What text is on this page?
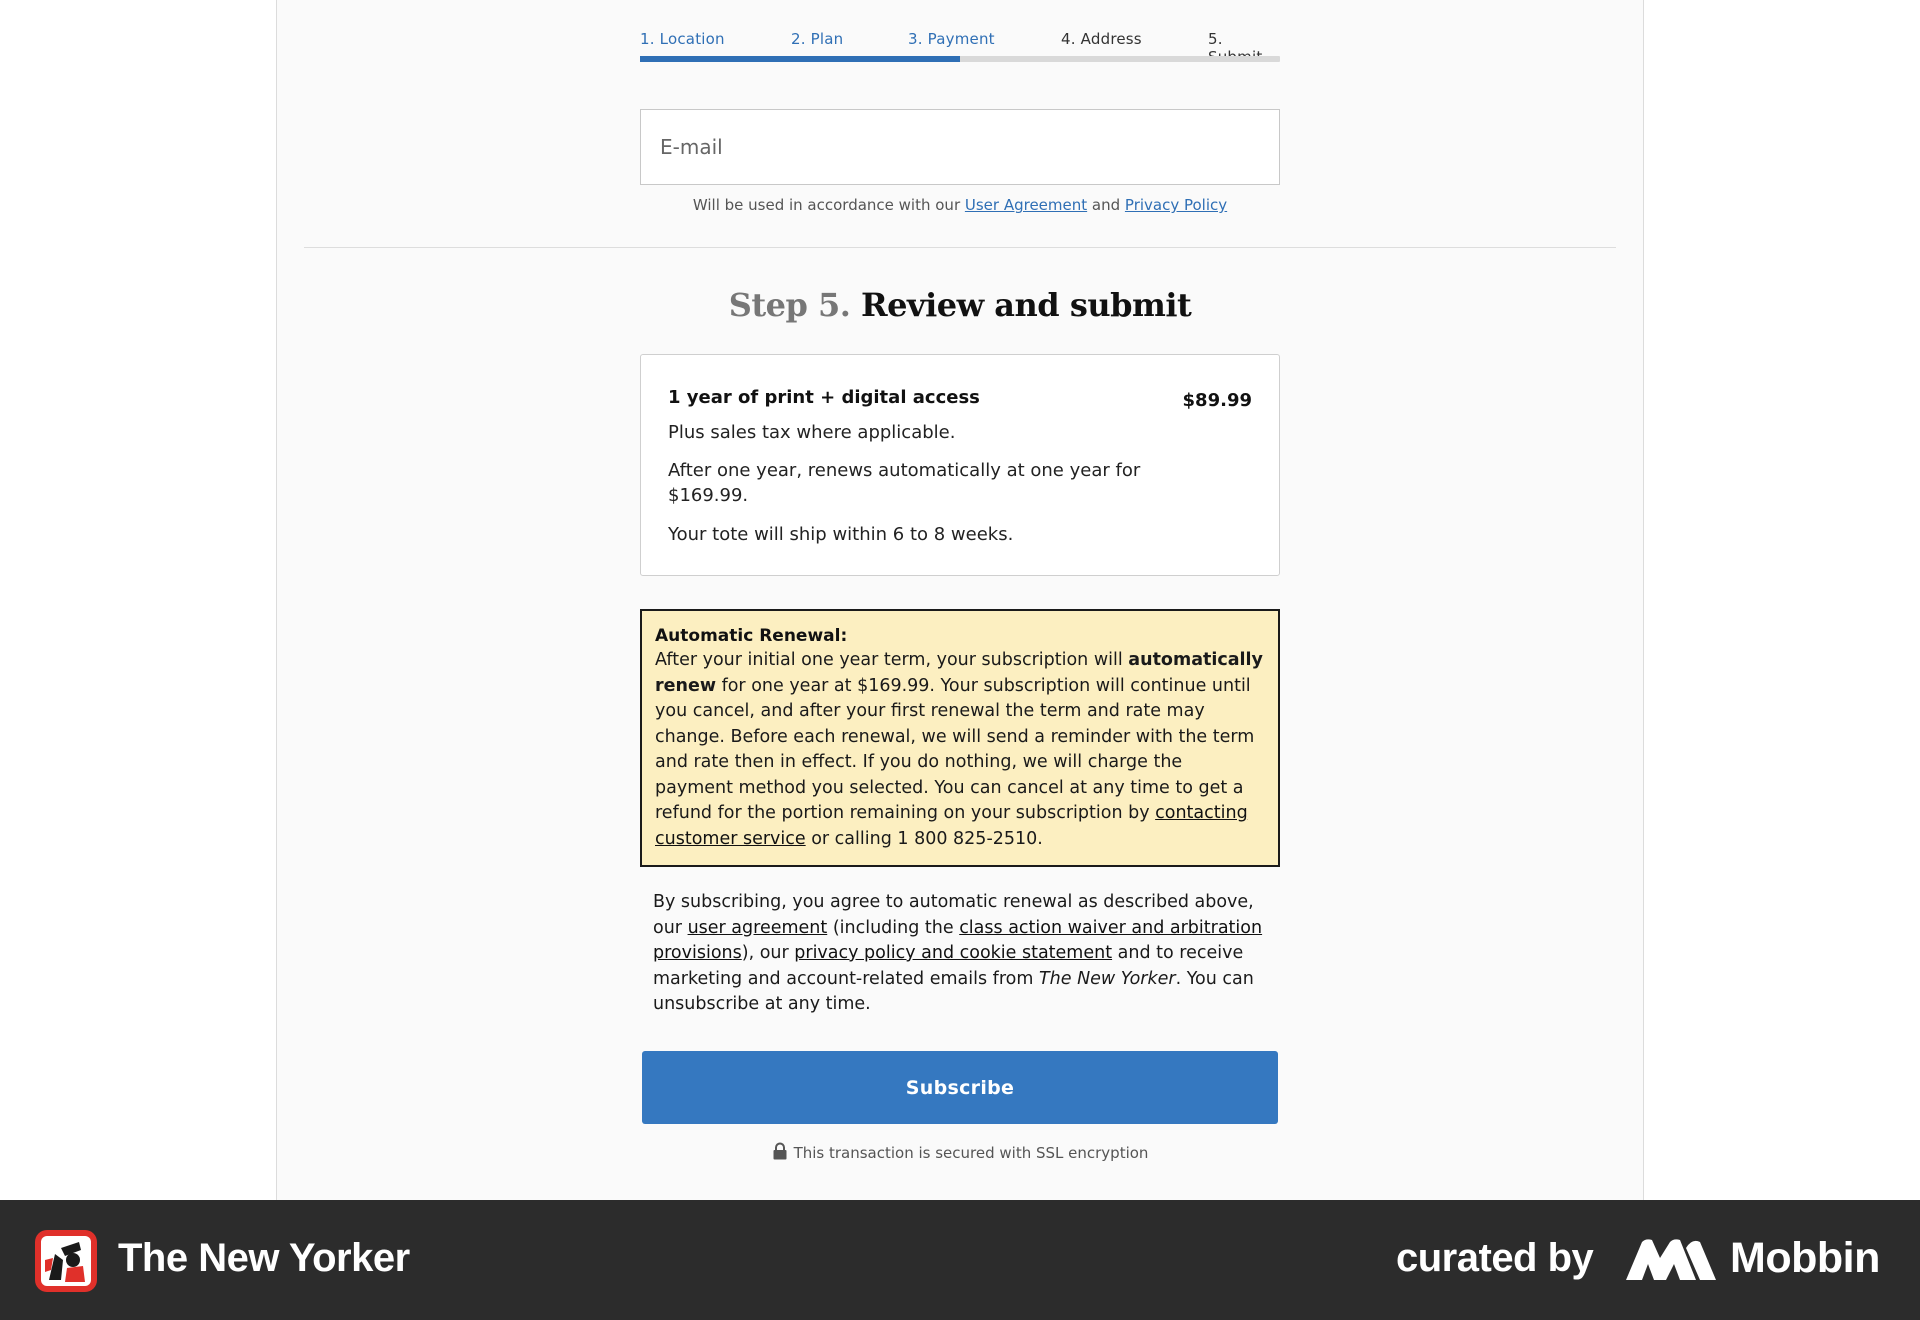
1. Location	2. Plan	3. Payment	4. Address	5.
E-mail
Will be used in accordance with our User Agreement and Privacy Policy
Step 5. Review and submit
1 year of print + digital access	$89.99
Plus sales tax where applicable.
After one year, renews automatically at one year for $169.99.
Your tote will ship within 6 to 8 weeks.
Automatic Renewal:
After your initial one year term, your subscription will automatically renew for one year at $169.99. Your subscription will continue until you cancel, and after your first renewal the term and rate may change. Before each renewal, we will send a reminder with the term and rate then in effect. If you do nothing, we will charge the payment method you selected. You can cancel at any time to get a refund for the portion remaining on your subscription by contacting customer service or calling 1 800 825-2510.
By subscribing, you agree to automatic renewal as described above, our user agreement (including the class action waiver and arbitration provisions), our privacy policy and cookie statement and to receive marketing and account-related emails from The New Yorker. You can unsubscribe at any time.
Subscribe
This transaction is secured with SSL encryption
The New Yorker	curated by	Mobbin
